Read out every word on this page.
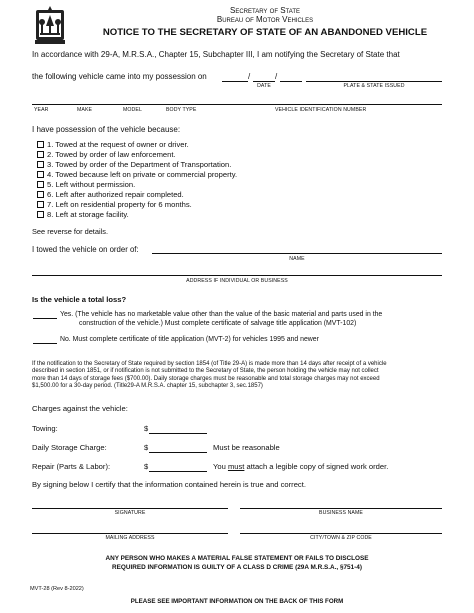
Secretary of State
Bureau of Motor Vehicles
NOTICE TO THE SECRETARY OF STATE OF AN ABANDONED VEHICLE
In accordance with 29-A, M.R.S.A., Chapter 15, Subchapter III, I am notifying the Secretary of State that
the following vehicle came into my possession on	/	/
DATE	PLATE & STATE ISSUED
YEAR	MAKE	MODEL	BODY TYPE	VEHICLE IDENTIFICATION NUMBER
I have possession of the vehicle because:
1. Towed at the request of owner or driver.
2. Towed by order of law enforcement.
3. Towed by order of the Department of Transportation.
4. Towed because left on private or commercial property.
5. Left without permission.
6. Left after authorized repair completed.
7. Left on residential property for 6 months.
8. Left at storage facility.
See reverse for details.
I towed the vehicle on order of:
NAME
ADDRESS IF INDIVIDUAL OR BUSINESS
Is the vehicle a total loss?
Yes. (The vehicle has no marketable value other than the value of the basic material and parts used in the
construction of the vehicle.) Must complete certificate of salvage title application (MVT-102)
No. Must complete certificate of title application (MVT-2) for vehicles 1995 and newer
If the notification to the Secretary of State required by section 1854 (of Title 29-A) is made more than 14 days after receipt of a vehicle
described in section 1851, or if notification is not submitted to the Secretary of State, the person holding the vehicle may not collect
more than 14 days of storage fees ($700.00). Daily storage charges must be reasonable and total storage charges may not exceed
$1,500.00 for a 30-day period. (Title29-A M.R.S.A. chapter 15, subchapter 3, sec.1857)
Charges against the vehicle:
Towing:	$
Daily Storage Charge:	$	Must be reasonable
Repair (Parts & Labor):	$	You must attach a legible copy of signed work order.
By signing below I certify that the information contained herein is true and correct.
SIGNATURE	BUSINESS NAME
MAILING ADDRESS	CITY/TOWN & ZIP CODE
ANY PERSON WHO MAKES A MATERIAL FALSE STATEMENT OR FAILS TO DISCLOSE
REQUIRED INFORMATION IS GUILTY OF A CLASS D CRIME (29A M.R.S.A., §751-4)
MVT-28 (Rev 8-2022)
PLEASE SEE IMPORTANT INFORMATION ON THE BACK OF THIS FORM
